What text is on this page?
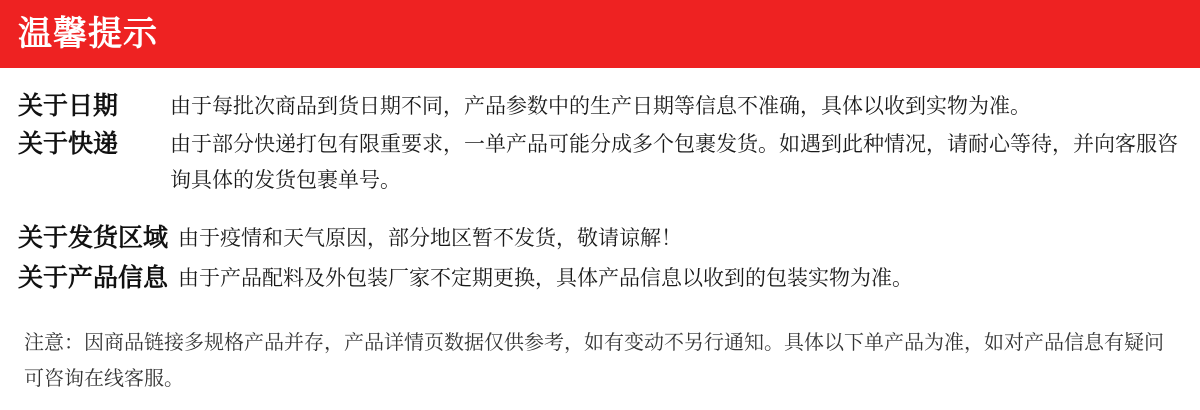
温馨提示
关于日期	由于每批次商品到货日期不同，产品参数中的生产日期等信息不准确，具体以收到实物为准。
关于快递	由于部分快递打包有限重要求，一单产品可能分成多个包裹发货。如遇到此种情况，请耐心等待，并向客服咨询具体的发货包裹单号。
关于发货区域 由于疫情和天气原因，部分地区暂不发货，敬请谅解！
关于产品信息 由于产品配料及外包装厂家不定期更换，具体产品信息以收到的包装实物为准。
注意：因商品链接多规格产品并存，产品详情页数据仅供参考，如有变动不另行通知。具体以下单产品为准，如对产品信息有疑问可咨询在线客服。
